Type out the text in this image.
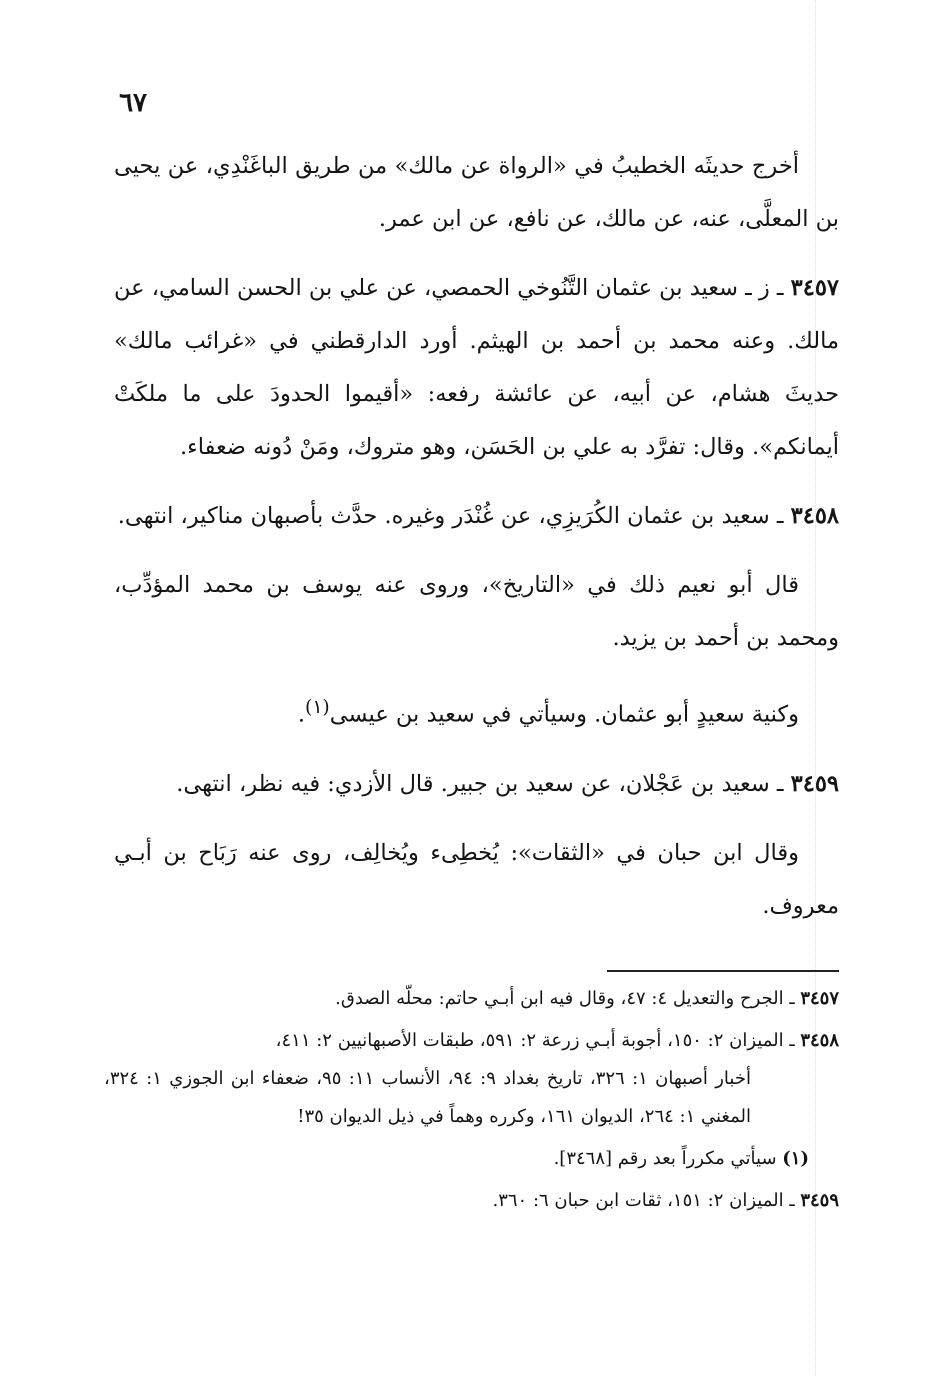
٦٧

أخرج حديثَه الخطيبُ في «الرواة عن مالك» من طريق الباغَنْدِي، عن يحيى بن المعلَّى، عنه، عن مالك، عن نافع، عن ابن عمر.

٣٤٥٧ ـ ز ـ سعيد بن عثمان التَّنُوخي الحمصي، عن علي بن الحسن السامي، عن مالك. وعنه محمد بن أحمد بن الهيثم. أورد الدارقطني في «غرائب مالك» حديثَ هشام، عن أبيه، عن عائشة رفعه: «أقيموا الحدودَ على ما ملكَتْ أيمانكم». وقال: تفرَّد به علي بن الحَسَن، وهو متروك، ومَنْ دُونه ضعفاء.

٣٤٥٨ ـ سعيد بن عثمان الكُرَيزِي، عن غُنْدَر وغيره. حدَّث بأصبهان مناكير، انتهى.

قال أبو نعيم ذلك في «التاريخ»، وروى عنه يوسف بن محمد المؤدِّب، ومحمد بن أحمد بن يزيد.

وكنية سعيدٍ أبو عثمان. وسيأتي في سعيد بن عيسى$^{(١)}$.

٣٤٥٩ ـ سعيد بن عَجْلان، عن سعيد بن جبير. قال الأزدي: فيه نظر، انتهى.

وقال ابن حبان في «الثقات»: يُخطِىء ويُخالِف، روى عنه رَبَاح بن أبـي معروف.

٣٤٥٧ ـ الجرح والتعديل ٤: ٤٧، وقال فيه ابن أبـي حاتم: محلّه الصدق.
٣٤٥٨ ـ الميزان ٢: ١٥٠، أجوبة أبـي زرعة ٢: ٥٩١، طبقات الأصبهانيين ٢: ٤١١،
أخبار أصبهان ١: ٣٢٦، تاريخ بغداد ٩: ٩٤، الأنساب ١١: ٩٥، ضعفاء ابن الجوزي ١: ٣٢٤، المغني ١: ٢٦٤، الديوان ١٦١، وكرره وهماً في ذيل الديوان ٣٥!
(١) سيأتي مكرراً بعد رقم [٣٤٦٨].
٣٤٥٩ ـ الميزان ٢: ١٥١، ثقات ابن حبان ٦: ٣٦٠.
